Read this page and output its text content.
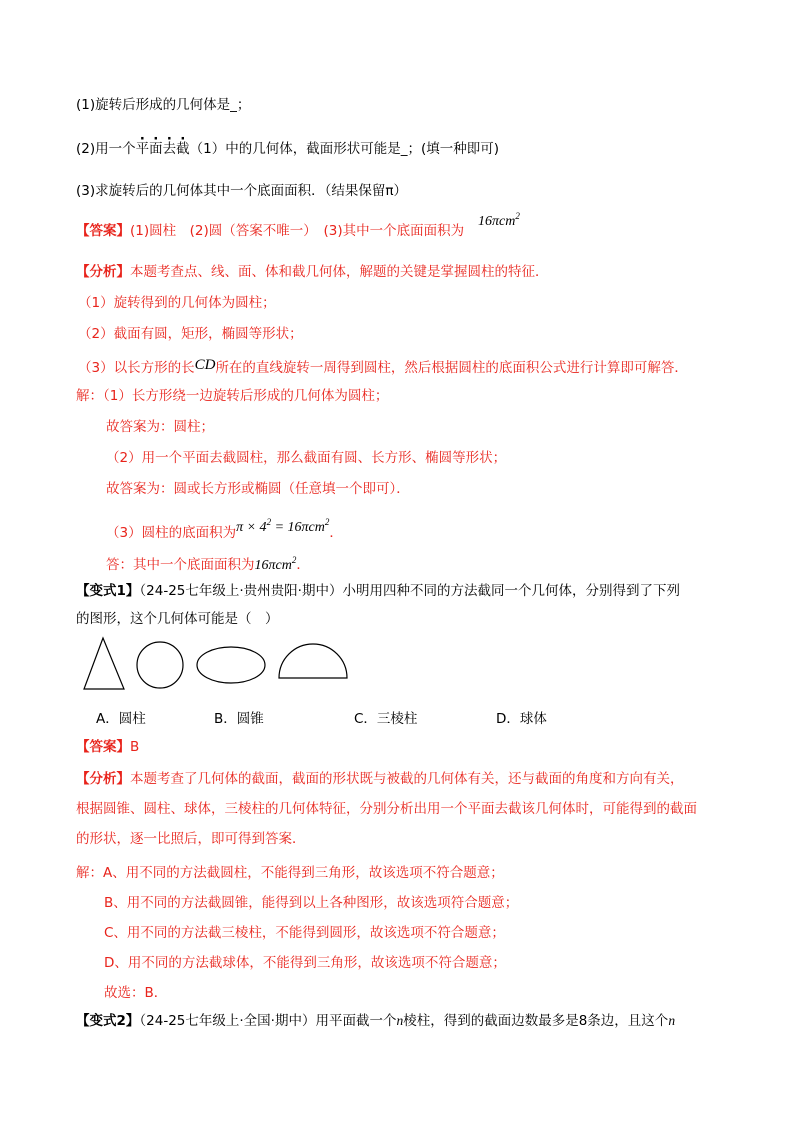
(1)旋转后形成的几何体是_；
(2)用一个平面去截（1）中的几何体，截面形状可能是_；(填一种即可)
(3)求旋转后的几何体其中一个底面面积．（结果保留π）
【答案】(1)圆柱　(2)圆（答案不唯一）　(3)其中一个底面面积为
16πcm$^2$
【分析】本题考查点、线、面、体和截几何体，解题的关键是掌握圆柱的特征．
（1）旋转得到的几何体为圆柱；
（2）截面有圆，矩形，椭圆等形状；
（3）以长方形的长CD所在的直线旋转一周得到圆柱，然后根据圆柱的底面积公式进行计算即可解答．
解：（1）长方形绕一边旋转后形成的几何体为圆柱；
故答案为：圆柱；
（2）用一个平面去截圆柱，那么截面有圆、长方形、椭圆等形状；
故答案为：圆或长方形或椭圆（任意填一个即可）．
（3）圆柱的底面积为$\pi \times 4^2 = 16\pi cm^2$．
答：其中一个底面面积为16πcm$^2$．
【变式1】（24-25七年级上·贵州贵阳·期中）小明用四种不同的方法截同一个几何体，分别得到了下列
的图形，这个几何体可能是（　）
A．圆柱	B．圆锥	C．三棱柱	D．球体
【答案】B
【分析】本题考查了几何体的截面，截面的形状既与被截的几何体有关，还与截面的角度和方向有关，
根据圆锥、圆柱、球体，三棱柱的几何体特征，分别分析出用一个平面去截该几何体时，可能得到的截面
的形状，逐一比照后，即可得到答案．
解：A、用不同的方法截圆柱，不能得到三角形，故该选项不符合题意；
B、用不同的方法截圆锥，能得到以上各种图形，故该选项符合题意；
C、用不同的方法截三棱柱，不能得到圆形，故该选项不符合题意；
D、用不同的方法截球体，不能得到三角形，故该选项不符合题意；
故选：B．
【变式2】（24-25七年级上·全国·期中）用平面截一个n棱柱，得到的截面边数最多是8条边，且这个n
